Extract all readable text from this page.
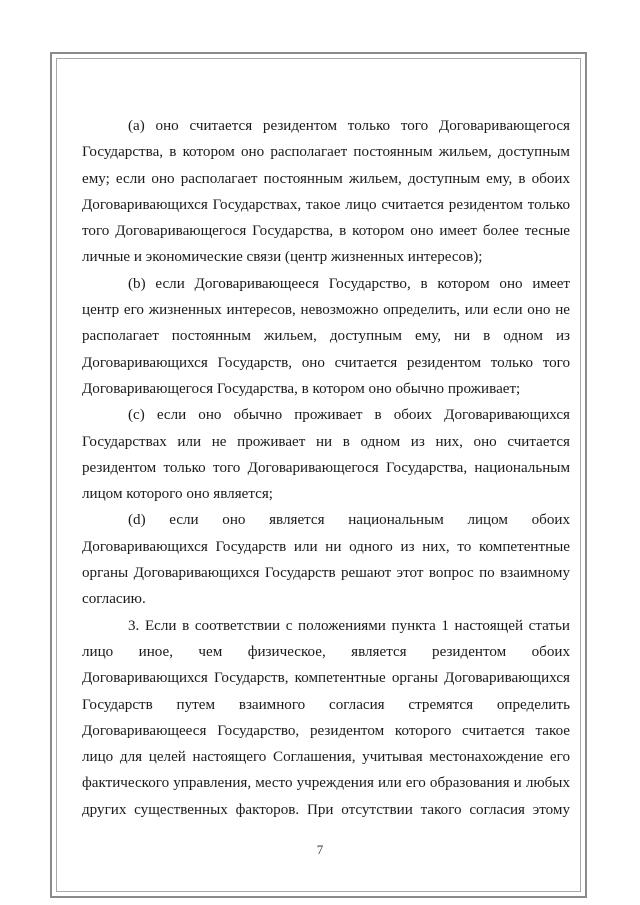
(a) оно считается резидентом только того Договаривающегося
Государства, в котором оно располагает постоянным жильем, доступным
ему; если оно располагает постоянным жильем, доступным ему, в обоих
Договаривающихся Государствах, такое лицо считается резидентом только
того Договаривающегося Государства, в котором оно имеет более тесные
личные и экономические связи (центр жизненных интересов);
(b) если Договаривающееся Государство, в котором оно имеет
центр его жизненных интересов, невозможно определить, или если оно не
располагает постоянным жильем, доступным ему, ни в одном из
Договаривающихся Государств, оно считается резидентом только того
Договаривающегося Государства, в котором оно обычно проживает;
(c) если оно обычно проживает в обоих Договаривающихся
Государствах или не проживает ни в одном из них, оно считается
резидентом только того Договаривающегося Государства, национальным
лицом которого оно является;
(d) если оно является национальным лицом обоих
Договаривающихся Государств или ни одного из них, то компетентные
органы Договаривающихся Государств решают этот вопрос по взаимному
согласию.
3. Если в соответствии с положениями пункта 1 настоящей статьи
лицо иное, чем физическое, является резидентом обоих
Договаривающихся Государств, компетентные органы Договаривающихся
Государств путем взаимного согласия стремятся определить
Договаривающееся Государство, резидентом которого считается такое
лицо для целей настоящего Соглашения, учитывая местонахождение его
фактического управления, место учреждения или его образования и любых
других существенных факторов. При отсутствии такого согласия этому
7
